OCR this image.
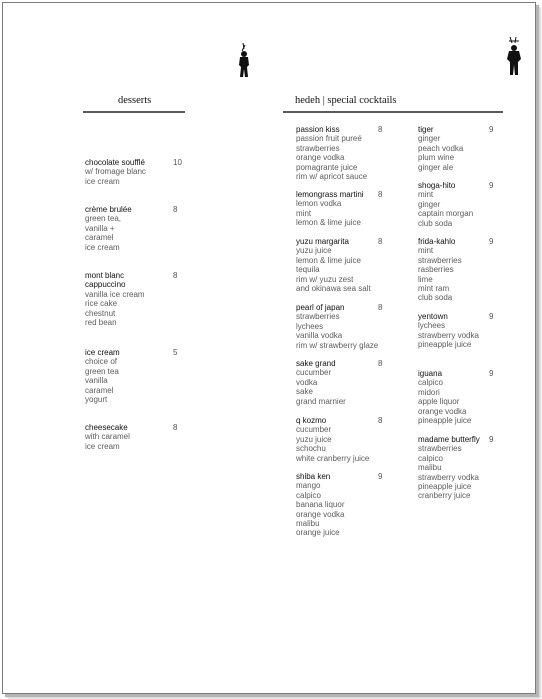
desserts	hedeh | special cocktails
chocolate soufflé
w/ fromage blanc
ice cream
10
crème brulée
green tea,
vanilla +
caramel
ice cream
8
mont blanc
cappuccino
vanilla ice cream
rice cake
chestnut
red bean
8
ice cream
choice of
green tea
vanilla
caramel
yogurt
5
cheesecake
with caramel
ice cream
8
passion kiss
passion fruit pureé
strawberries
orange vodka
pomagrante juice
rim w/ apricot sauce
8
lemongrass martini
lemon vodka
mint
lemon & lime juice
8
yuzu margarita
yuzu juice
lemon & lime juice
tequila
rim w/ yuzu zest
and okinawa sea salt
8
pearl of japan
strawberries
lychees
vanilla vodka
rim w/ strawberry glaze
8
sake grand
cucumber
vodka
sake
grand marnier
8
q kozmo
cucumber
yuzu juice
schochu
white cranberry juice
8
shiba ken
mango
calpico
banana liquor
orange vodka
malibu
orange juice
9
tiger
ginger
peach vodka
plum wine
ginger ale
9
shoga-hito
mint
ginger
captain morgan
club soda
9
frida-kahlo
mint
strawberries
rasberries
lime
mint ram
club soda
9
yentown
lychees
strawberry vodka
pineapple juice
9
iguana
calpico
midori
apple liquor
orange vodka
pineapple juice
9
madame butterfly
strawberries
calpico
malibu
strawberry vodka
pineapple juice
cranberry juice
9
